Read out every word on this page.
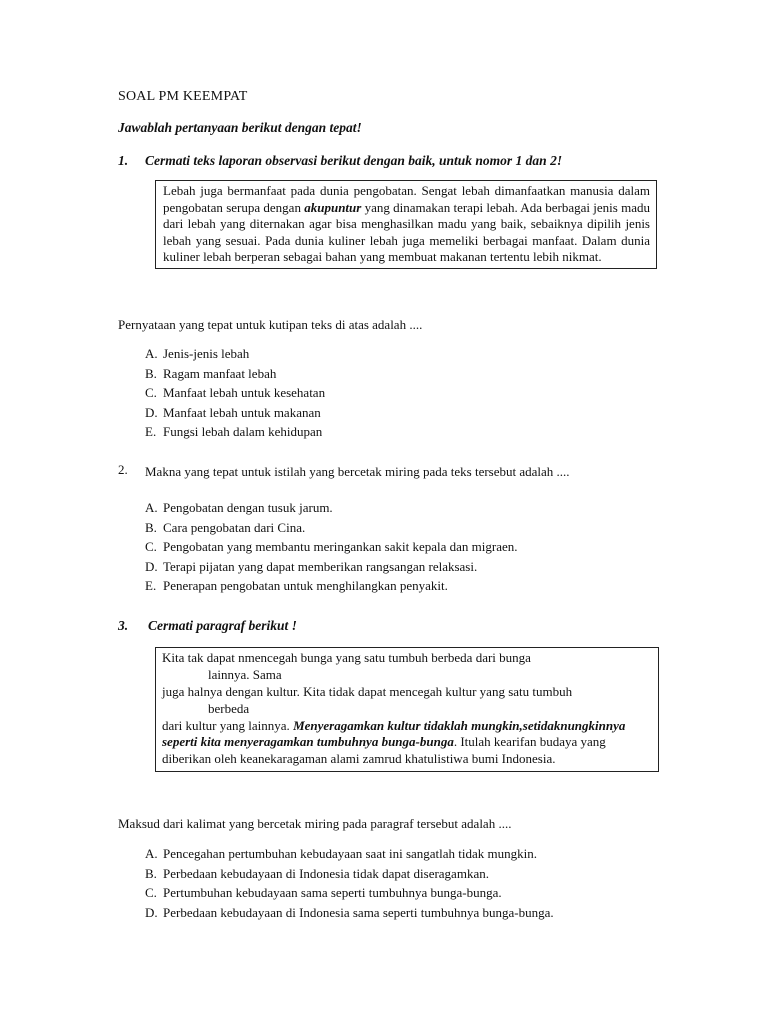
SOAL PM KEEMPAT
Jawablah pertanyaan berikut dengan tepat!
1. Cermati teks laporan observasi berikut dengan baik, untuk nomor 1 dan 2!
Lebah juga bermanfaat pada dunia pengobatan. Sengat lebah dimanfaatkan manusia dalam pengobatan serupa dengan akupuntur yang dinamakan terapi lebah. Ada berbagai jenis madu dari lebah yang diternakan agar bisa menghasilkan madu yang baik, sebaiknya dipilih jenis lebah yang sesuai. Pada dunia kuliner lebah juga memeliki berbagai manfaat. Dalam dunia kuliner lebah berperan sebagai bahan yang membuat makanan tertentu lebih nikmat.
Pernyataan yang tepat untuk kutipan teks di atas adalah ....
A. Jenis-jenis lebah
B. Ragam manfaat lebah
C. Manfaat lebah untuk kesehatan
D. Manfaat lebah untuk makanan
E. Fungsi lebah dalam kehidupan
2. Makna yang tepat untuk istilah yang bercetak miring pada teks tersebut adalah ....
A. Pengobatan dengan tusuk jarum.
B. Cara pengobatan dari Cina.
C. Pengobatan yang membantu meringankan sakit kepala dan migraen.
D. Terapi pijatan yang dapat memberikan rangsangan relaksasi.
E. Penerapan pengobatan untuk menghilangkan penyakit.
3. Cermati paragraf berikut !
Kita tak dapat nmencegah bunga yang satu tumbuh berbeda dari bunga
lainnya. Sama
juga halnya dengan kultur. Kita tidak dapat mencegah kultur yang satu tumbuh
berbeda
dari kultur yang lainnya. Menyeragamkan kultur tidaklah mungkin,setidaknungkinnya seperti kita menyeragamkan tumbuhnya bunga-bunga. Itulah kearifan budaya yang diberikan oleh keanekaragaman alami zamrud khatulistiwa bumi Indonesia.
Maksud dari kalimat yang bercetak miring pada paragraf tersebut adalah ....
A. Pencegahan pertumbuhan kebudayaan saat ini sangatlah tidak mungkin.
B. Perbedaan kebudayaan di Indonesia tidak dapat diseragamkan.
C. Pertumbuhan kebudayaan sama seperti tumbuhnya bunga-bunga.
D. Perbedaan kebudayaan di Indonesia sama seperti tumbuhnya bunga-bunga.
